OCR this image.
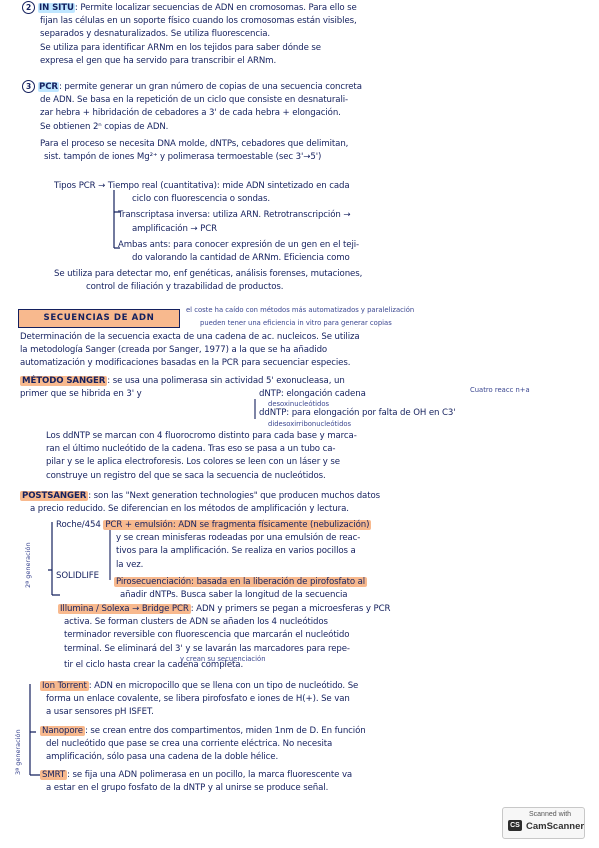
2 IN SITU: Permite localizar secuencias de ADN en cromosomas. Para ello se
fijan las células en un soporte físico cuando los cromosomas están visibles,
separados y desnaturalizados. Se utiliza fluorescencia.
Se utiliza para identificar ARNm en los tejidos para saber dónde se
expresa el gen que ha servido para transcribir el ARNm.
3 PCR: permite generar un gran número de copias de una secuencia concreta
de ADN. Se basa en la repetición de un ciclo que consiste en desnaturali-
zar hebra + hibridación de cebadores a 3' de cada hebra + elongación.
Se obtienen 2ⁿ copias de ADN.
Para el proceso se necesita DNA molde, dNTPs, cebadores que delimitan,
sist. tampón de iones Mg²⁺ y polimerasa termoestable (sec 3'→5')
Tipos PCR → Tiempo real (cuantitativa): mide ADN sintetizado en cada
ciclo con fluorescencia o sondas.
Transcriptasa inversa: utiliza ARN. Retrotranscripción →
amplificación → PCR
Ambas ants: para conocer expresión de un gen en el teji-
do valorando la cantidad de ARNm. Eficiencia como
Se utiliza para detectar mo, enf genéticas, análisis forenses, mutaciones,
control de filiación y trazabilidad de productos.
SECUENCIAS DE ADN
el coste ha caído con métodos más automatizados y paralelización
pueden tener una eficiencia in vitro para generar copias
Determinación de la secuencia exacta de una cadena de ac. nucleicos. Se utiliza
la metodología Sanger (creada por Sanger, 1977) a la que se ha añadido
automatización y modificaciones basadas en la PCR para secuenciar especies.
MÉTODO SANGER : se usa una polimerasa sin actividad 5' exonucleasa, un
primer que se hibrida en 3' y	dNTP: elongación cadena
ddNTP: para elongación por falta de OH en C3'
Cuatro reacc n+a
desoxinucleótidos
didesoxirribonucleótidos
Los ddNTP se marcan con 4 fluorocromo distinto para cada base y marca-
ran el último nucleótido de la cadena. Tras eso se pasa a un tubo ca-
pilar y se le aplica electroforesis. Los colores se leen con un láser y se
construye un registro del que se saca la secuencia de nucleótidos.
POSTSANGER : son las "Next generation technologies" que producen muchos datos
a precio reducido. Se diferencian en los métodos de amplificación y lectura.
2ª generación
Roche/454 PCR + emulsión: ADN se fragmenta físicamente (nebulización)
y se crean minisferas rodeadas por una emulsión de reac-
tivos para la amplificación. Se realiza en varios pocillos a
la vez.
SOLIDLIFE
Pirosecuenciación: basada en la liberación de pirofosfato al
añadir dNTPs. Busca saber la longitud de la secuencia
Illumina / Solexa → Bridge PCR : ADN y primers se pegan a microesferas y PCR
activa. Se forman clusters de ADN se añaden los 4 nucleótidos
terminador reversible con fluorescencia que marcarán el nucleótido
terminal. Se eliminará del 3' y se lavarán las marcadores para repe-
tir el ciclo hasta crear la cadena completa.
y crean su secuenciación
3ª generación
Ion Torrent : ADN en micropocillo que se llena con un tipo de nucleótido. Se
forma un enlace covalente, se libera pirofosfato e iones de H(+). Se van
a usar sensores pH ISFET.
Nanopore : se crean entre dos compartimentos, miden 1nm de D. En función
del nucleótido que pase se crea una corriente eléctrica. No necesita
amplificación, sólo pasa una cadena de la doble hélice.
SMRT : se fija una ADN polimerasa en un pocillo, la marca fluorescente va
a estar en el grupo fosfato de la dNTP y al unirse se produce señal.
Scanned with
CS CamScanner
